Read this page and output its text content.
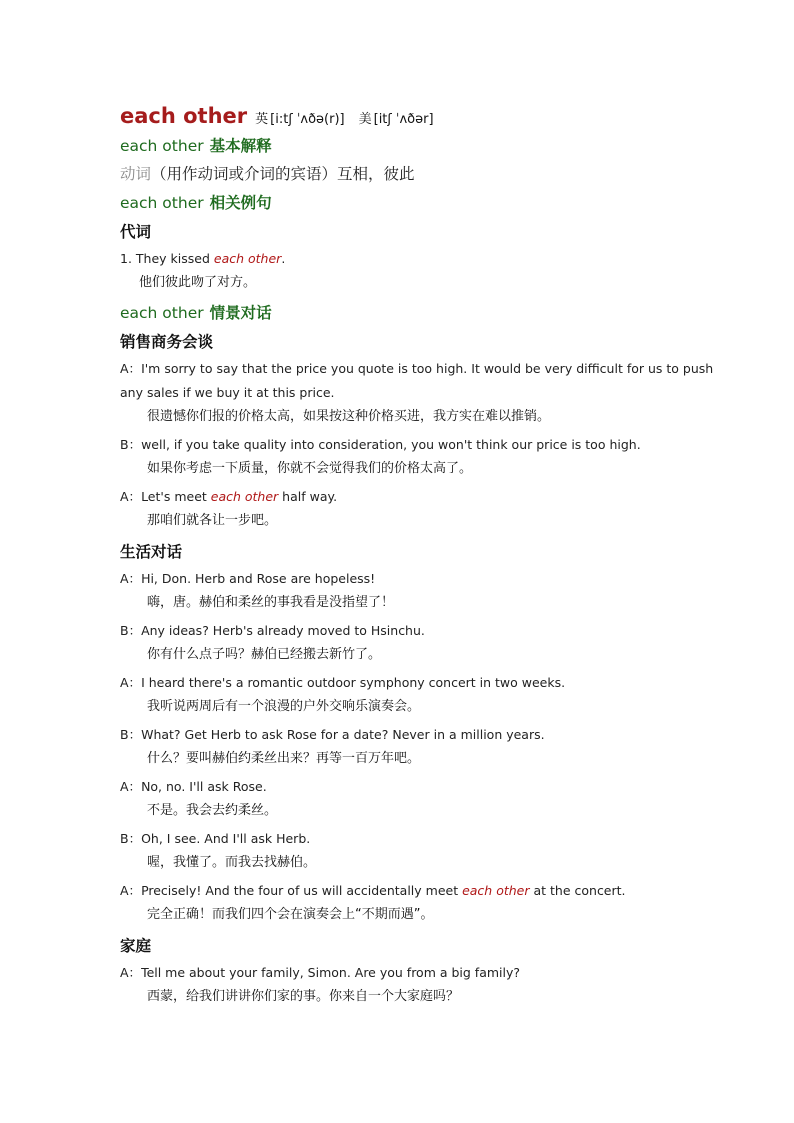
each other 英 [i:tʃ ˈʌðə(r)] 美 [itʃ ˈʌðər]
each other 基本解释
动词（用作动词或介词的宾语）互相，彼此
each other 相关例句
代词
1. They kissed each other.
他们彼此吻了对方。
each other 情景对话
销售商务会谈
A：I'm sorry to say that the price you quote is too high. It would be very difficult for us to push any sales if we buy it at this price.
很遗憾你们报的价格太高，如果按这种价格买进，我方实在难以推销。
B：well, if you take quality into consideration, you won't think our price is too high.
如果你考虑一下质量，你就不会觉得我们的价格太高了。
A：Let's meet each other half way.
那咱们就各让一步吧。
生活对话
A：Hi, Don. Herb and Rose are hopeless!
嗨，唐。赫伯和柔丝的事我看是没指望了！
B：Any ideas? Herb's already moved to Hsinchu.
你有什么点子吗？赫伯已经搬去新竹了。
A：I heard there's a romantic outdoor symphony concert in two weeks.
我听说两周后有一个浪漫的户外交响乐演奏会。
B：What? Get Herb to ask Rose for a date? Never in a million years.
什么？要叫赫伯约柔丝出来？再等一百万年吧。
A：No, no. I'll ask Rose.
不是。我会去约柔丝。
B：Oh, I see. And I'll ask Herb.
喔，我懂了。而我去找赫伯。
A：Precisely! And the four of us will accidentally meet each other at the concert.
完全正确！而我们四个会在演奏会上“不期而遇”。
家庭
A：Tell me about your family, Simon. Are you from a big family?
西蒙，给我们讲讲你们家的事。你来自一个大家庭吗？
